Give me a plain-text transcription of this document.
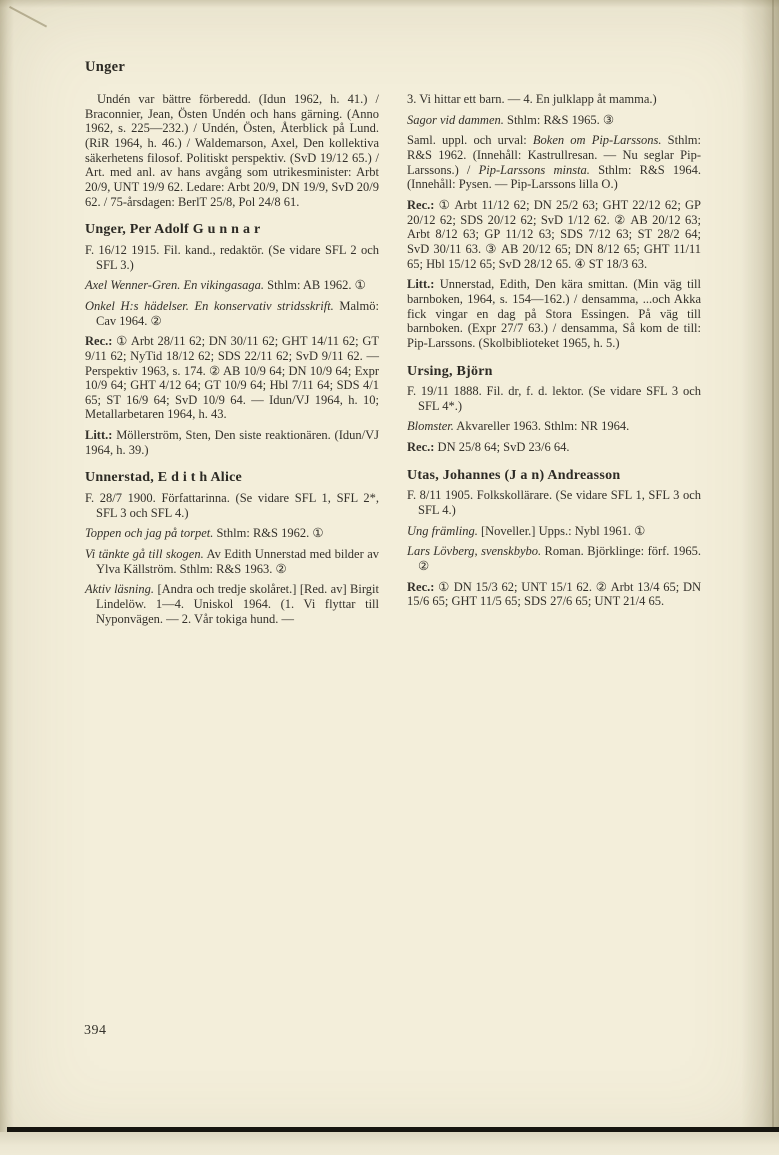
Unger

Undén var bättre förberedd. (Idun 1962, h. 41.) / Braconnier, Jean, Östen Undén och hans gärning. (Anno 1962, s. 225—232.) / Undén, Östen, Återblick på Lund. (RiR 1964, h. 46.) / Waldemarson, Axel, Den kollektiva säkerhetens filosof. Politiskt perspektiv. (SvD 19/12 65.) / Art. med anl. av hans avgång som utrikesminister: Arbt 20/9, UNT 19/9 62. Ledare: Arbt 20/9, DN 19/9, SvD 20/9 62. / 75-årsdagen: BerlT 25/8, Pol 24/8 61.

Unger, Per Adolf G u n n a r

F. 16/12 1915. Fil. kand., redaktör. (Se vidare SFL 2 och SFL 3.)

Axel Wenner-Gren. En vikingasaga. Sthlm: AB 1962. ①

Onkel H:s hädelser. En konservativ stridsskrift. Malmö: Cav 1964. ②

Rec.: ① Arbt 28/11 62; DN 30/11 62; GHT 14/11 62; GT 9/11 62; NyTid 18/12 62; SDS 22/11 62; SvD 9/11 62. — Perspektiv 1963, s. 174. ② AB 10/9 64; DN 10/9 64; Expr 10/9 64; GHT 4/12 64; GT 10/9 64; Hbl 7/11 64; SDS 4/1 65; ST 16/9 64; SvD 10/9 64. — Idun/VJ 1964, h. 10; Metallarbetaren 1964, h. 43.

Litt.: Möllerström, Sten, Den siste reaktionären. (Idun/VJ 1964, h. 39.)

Unnerstad, E d i t h Alice

F. 28/7 1900. Författarinna. (Se vidare SFL 1, SFL 2*, SFL 3 och SFL 4.)

Toppen och jag på torpet. Sthlm: R&S 1962. ①

Vi tänkte gå till skogen. Av Edith Unnerstad med bilder av Ylva Källström. Sthlm: R&S 1963. ②

Aktiv läsning. [Andra och tredje skolåret.] [Red. av] Birgit Lindelöw. 1—4. Uniskol 1964. (1. Vi flyttar till Nyponvägen. — 2. Vår tokiga hund. —

3. Vi hittar ett barn. — 4. En julklapp åt mamma.)

Sagor vid dammen. Sthlm: R&S 1965. ③

Saml. uppl. och urval: Boken om Pip-Larssons. Sthlm: R&S 1962. (Innehåll: Kastrullresan. — Nu seglar Pip-Larssons.) / Pip-Larssons minsta. Sthlm: R&S 1964. (Innehåll: Pysen. — Pip-Larssons lilla O.)

Rec.: ① Arbt 11/12 62; DN 25/2 63; GHT 22/12 62; GP 20/12 62; SDS 20/12 62; SvD 1/12 62. ② AB 20/12 63; Arbt 8/12 63; GP 11/12 63; SDS 7/12 63; ST 28/2 64; SvD 30/11 63. ③ AB 20/12 65; DN 8/12 65; GHT 11/11 65; Hbl 15/12 65; SvD 28/12 65. ④ ST 18/3 63.

Litt.: Unnerstad, Edith, Den kära smittan. (Min väg till barnboken, 1964, s. 154—162.) / densamma, ...och Akka fick vingar en dag på Stora Essingen. På väg till barnboken. (Expr 27/7 63.) / densamma, Så kom de till: Pip-Larssons. (Skolbiblioteket 1965, h. 5.)

Ursing, Björn

F. 19/11 1888. Fil. dr, f. d. lektor. (Se vidare SFL 3 och SFL 4*.)

Blomster. Akvareller 1963. Sthlm: NR 1964.

Rec.: DN 25/8 64; SvD 23/6 64.

Utas, Johannes (J a n) Andreasson

F. 8/11 1905. Folkskollärare. (Se vidare SFL 1, SFL 3 och SFL 4.)

Ung främling. [Noveller.] Upps.: Nybl 1961. ①

Lars Lövberg, svenskbybo. Roman. Björklinge: förf. 1965. ②

Rec.: ① DN 15/3 62; UNT 15/1 62. ② Arbt 13/4 65; DN 15/6 65; GHT 11/5 65; SDS 27/6 65; UNT 21/4 65.

394
